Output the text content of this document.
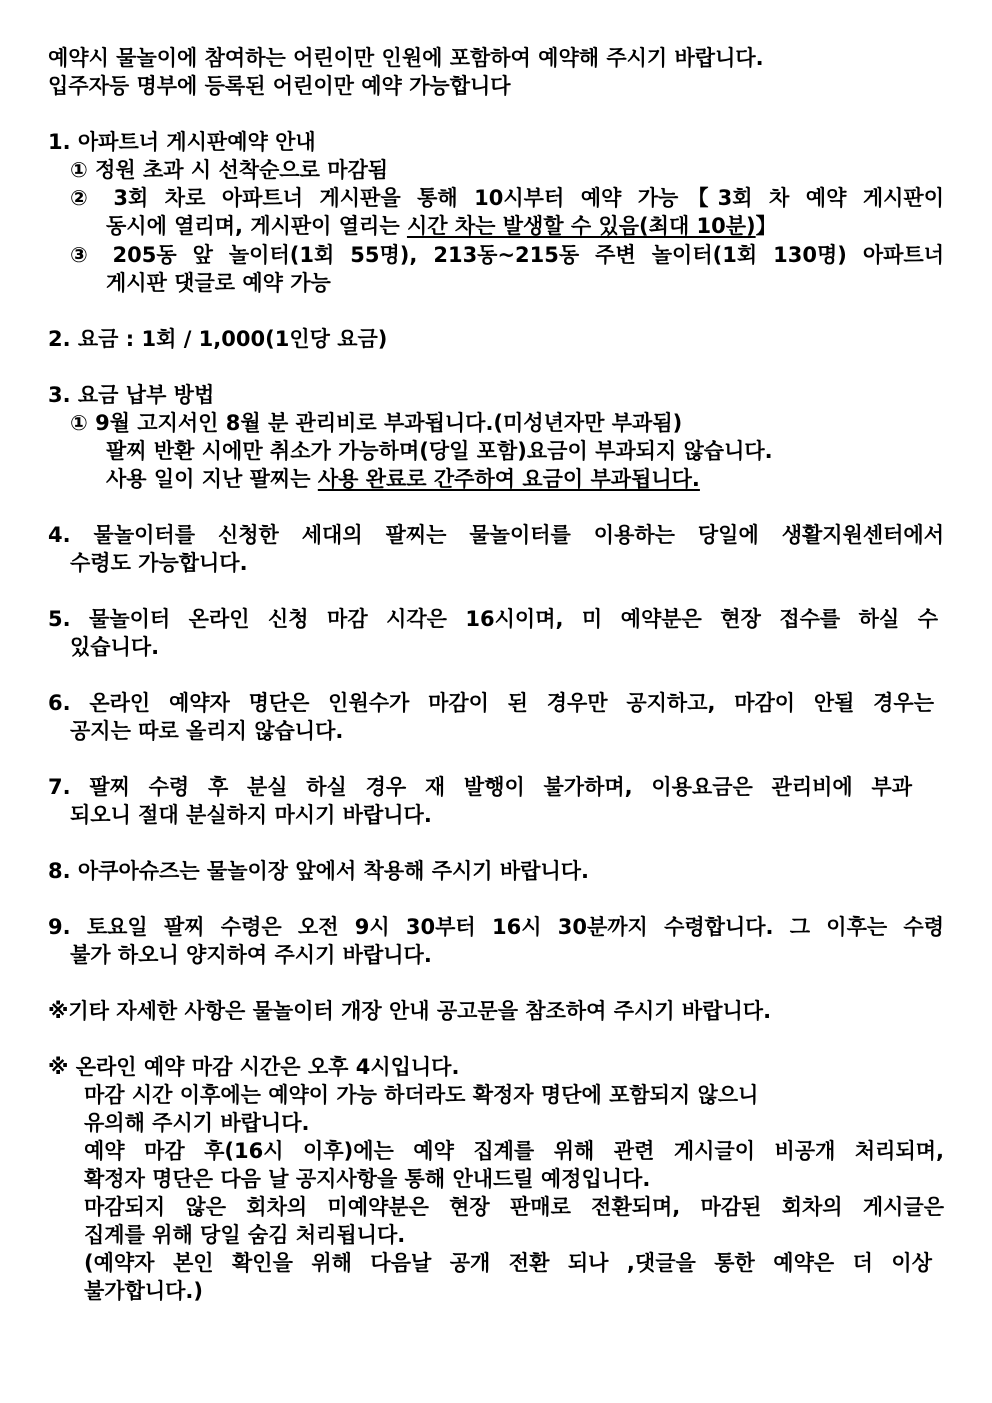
예약시 물놀이에 참여하는 어린이만 인원에 포함하여 예약해 주시기 바랍니다.
입주자등 명부에 등록된 어린이만 예약 가능합니다
1. 아파트너 게시판예약 안내
① 정원 초과 시 선착순으로 마감됨
② 3회 차로 아파트너 게시판을 통해 10시부터 예약 가능【3회 차 예약 게시판이
동시에 열리며, 게시판이 열리는 시간 차는 발생할 수 있음(최대 10분)】
③ 205동 앞 놀이터(1회 55명), 213동~215동 주변 놀이터(1회 130명) 아파트너
게시판 댓글로 예약 가능
2. 요금 : 1회 / 1,000(1인당 요금)
3. 요금 납부 방법
① 9월 고지서인 8월 분 관리비로 부과됩니다.(미성년자만 부과됨)
팔찌 반환 시에만 취소가 가능하며(당일 포함)요금이 부과되지 않습니다.
사용 일이 지난 팔찌는 사용 완료로 간주하여 요금이 부과됩니다.
4. 물놀이터를 신청한 세대의 팔찌는 물놀이터를 이용하는 당일에 생활지원센터에서
수령도 가능합니다.
5. 물놀이터 온라인 신청 마감 시각은 16시이며, 미 예약분은 현장 접수를 하실 수
있습니다.
6. 온라인 예약자 명단은 인원수가 마감이 된 경우만 공지하고, 마감이 안될 경우는
공지는 따로 올리지 않습니다.
7. 팔찌 수령 후 분실 하실 경우 재 발행이 불가하며, 이용요금은 관리비에 부과
되오니 절대 분실하지 마시기 바랍니다.
8. 아쿠아슈즈는 물놀이장 앞에서 착용해 주시기 바랍니다.
9. 토요일 팔찌 수령은 오전 9시 30부터 16시 30분까지 수령합니다. 그 이후는 수령
불가 하오니 양지하여 주시기 바랍니다.
※기타 자세한 사항은 물놀이터 개장 안내 공고문을 참조하여 주시기 바랍니다.
※ 온라인 예약 마감 시간은 오후 4시입니다.
마감 시간 이후에는 예약이 가능 하더라도 확정자 명단에 포함되지 않으니
유의해 주시기 바랍니다.
예약 마감 후(16시 이후)에는 예약 집계를 위해 관련 게시글이 비공개 처리되며,
확정자 명단은 다음 날 공지사항을 통해 안내드릴 예정입니다.
마감되지 않은 회차의 미예약분은 현장 판매로 전환되며, 마감된 회차의 게시글은
집계를 위해 당일 숨김 처리됩니다.
(예약자 본인 확인을 위해 다음날 공개 전환 되나 ,댓글을 통한 예약은 더 이상
불가합니다.)
